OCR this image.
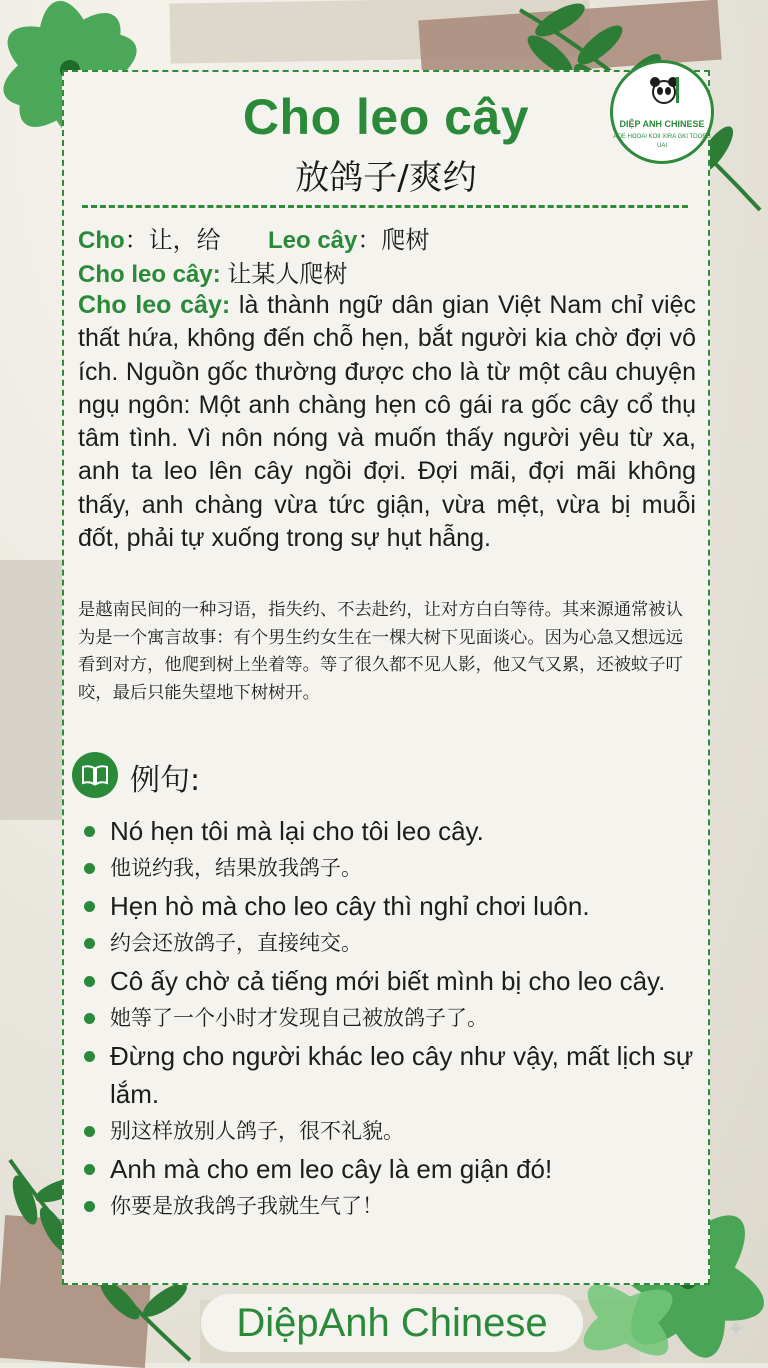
Cho leo cây
放鸽子/爽约
DIỆP ANH CHINESE
AOE HOOAI KOII XIRA GKI TOORS UAI
Cho：让，给 Leo cây：爬树
Cho leo cây: 让某人爬树
Cho leo cây: là thành ngữ dân gian Việt Nam chỉ việc thất hứa, không đến chỗ hẹn, bắt người kia chờ đợi vô ích. Nguồn gốc thường được cho là từ một câu chuyện ngụ ngôn: Một anh chàng hẹn cô gái ra gốc cây cổ thụ tâm tình. Vì nôn nóng và muốn thấy người yêu từ xa, anh ta leo lên cây ngồi đợi. Đợi mãi, đợi mãi không thấy, anh chàng vừa tức giận, vừa mệt, vừa bị muỗi đốt, phải tự xuống trong sự hụt hẫng.
是越南民间的一种习语，指失约、不去赴约，让对方白白等待。其来源通常被认为是一个寓言故事：有个男生约女生在一棵大树下见面谈心。因为心急又想远远看到对方，他爬到树上坐着等。等了很久都不见人影，他又气又累，还被蚊子叮咬，最后只能失望地下树树开。
例句:
Nó hẹn tôi mà lại cho tôi leo cây.
他说约我，结果放我鸽子。
Hẹn hò mà cho leo cây thì nghỉ chơi luôn.
约会还放鸽子，直接纯交。
Cô ấy chờ cả tiếng mới biết mình bị cho leo cây.
她等了一个小时才发现自己被放鸽子了。
Đừng cho người khác leo cây như vậy, mất lịch sự lắm.
别这样放别人鸽子，很不礼貌。
Anh mà cho em leo cây là em giận đó!
你要是放我鸽子我就生气了！
DiệpAnh Chinese	✦
